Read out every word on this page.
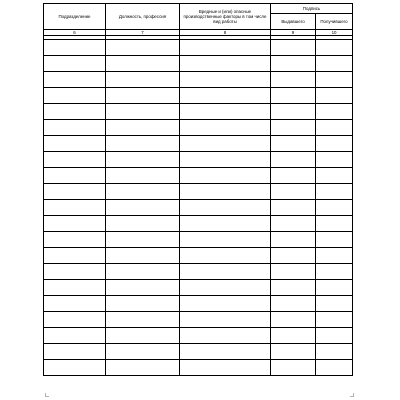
Подразделение	Должность, профессия	Вредные и (или) опасные производственные факторы в том числе вид работы	Подпись	
			Выдавшего	Получившего
6	7	8	9	10
